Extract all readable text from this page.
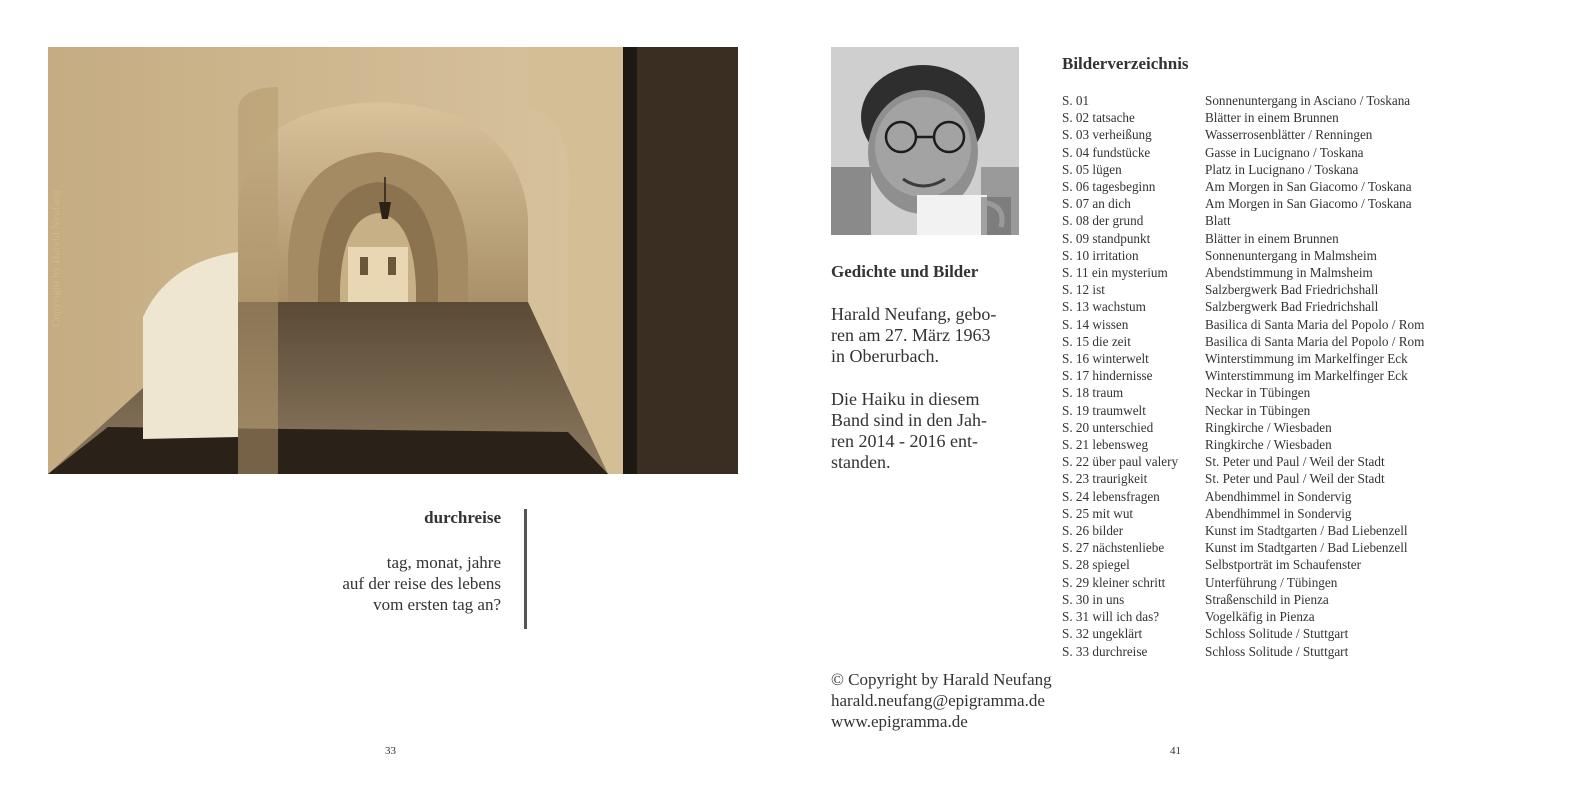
Copyright by Harald Neufang
durchreise
tag, monat, jahre
auf der reise des lebens
vom ersten tag an?
33
Gedichte und Bilder

Harald Neufang, gebo-
ren am 27. März 1963
in Oberurbach.

Die Haiku in diesem
Band sind in den Jah-
ren 2014 - 2016 ent-
standen.

Bilderverzeichnis
S. 01	Sonnenuntergang in Asciano / Toskana
S. 02 tatsache	Blätter in einem Brunnen
S. 03 verheißung	Wasserrosenblätter / Renningen
S. 04 fundstücke	Gasse in Lucignano / Toskana
S. 05 lügen	Platz in Lucignano / Toskana
S. 06 tagesbeginn	Am Morgen in San Giacomo / Toskana
S. 07 an dich	Am Morgen in San Giacomo / Toskana
S. 08 der grund	Blatt
S. 09 standpunkt	Blätter in einem Brunnen
S. 10 irritation	Sonnenuntergang in Malmsheim
S. 11 ein mysterium	Abendstimmung in Malmsheim
S. 12 ist	Salzbergwerk Bad Friedrichshall
S. 13 wachstum	Salzbergwerk Bad Friedrichshall
S. 14 wissen	Basilica di Santa Maria del Popolo / Rom
S. 15 die zeit	Basilica di Santa Maria del Popolo / Rom
S. 16 winterwelt	Winterstimmung im Markelfinger Eck
S. 17 hindernisse	Winterstimmung im Markelfinger Eck
S. 18 traum	Neckar in Tübingen
S. 19 traumwelt	Neckar in Tübingen
S. 20 unterschied	Ringkirche / Wiesbaden
S. 21 lebensweg	Ringkirche / Wiesbaden
S. 22 über paul valery	St. Peter und Paul / Weil der Stadt
S. 23 traurigkeit	St. Peter und Paul / Weil der Stadt
S. 24 lebensfragen	Abendhimmel in Sondervig
S. 25 mit wut	Abendhimmel in Sondervig
S. 26 bilder	Kunst im Stadtgarten / Bad Liebenzell
S. 27 nächstenliebe	Kunst im Stadtgarten / Bad Liebenzell
S. 28 spiegel	Selbstporträt im Schaufenster
S. 29 kleiner schritt	Unterführung / Tübingen
S. 30 in uns	Straßenschild in Pienza
S. 31 will ich das?	Vogelkäfig in Pienza
S. 32 ungeklärt	Schloss Solitude / Stuttgart
S. 33 durchreise	Schloss Solitude / Stuttgart
© Copyright by Harald Neufang
harald.neufang@epigramma.de
www.epigramma.de
41
